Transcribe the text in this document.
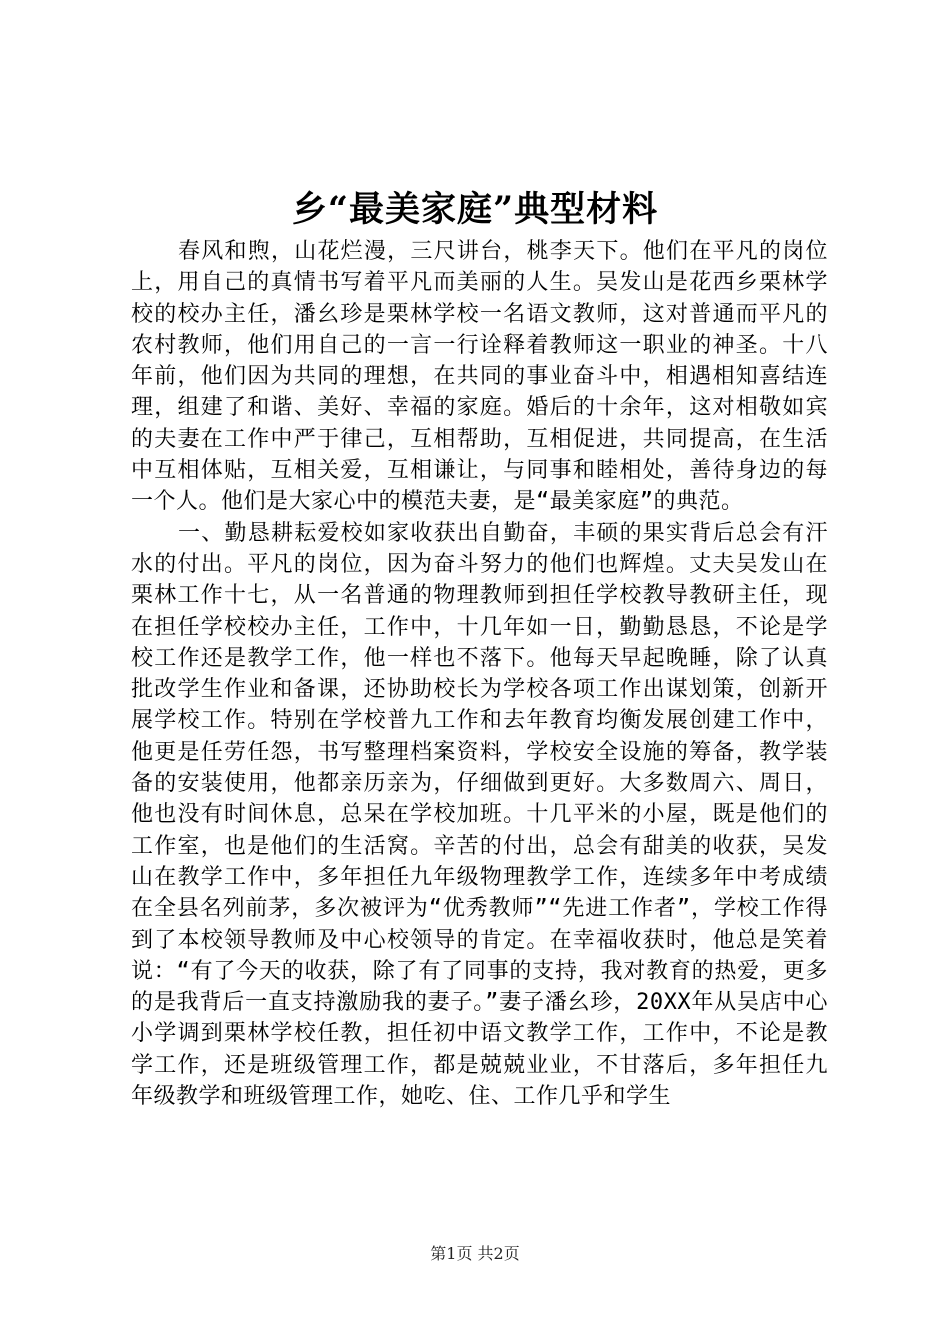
乡“最美家庭”典型材料

春风和煦，山花烂漫，三尺讲台，桃李天下。他们在平凡的岗位上，用自己的真情书写着平凡而美丽的人生。吴发山是花西乡栗林学校的校办主任，潘幺珍是栗林学校一名语文教师，这对普通而平凡的农村教师，他们用自己的一言一行诠释着教师这一职业的神圣。十八年前，他们因为共同的理想，在共同的事业奋斗中，相遇相知喜结连理，组建了和谐、美好、幸福的家庭。婚后的十余年，这对相敬如宾的夫妻在工作中严于律己，互相帮助，互相促进，共同提高，在生活中互相体贴，互相关爱，互相谦让，与同事和睦相处，善待身边的每一个人。他们是大家心中的模范夫妻，是“最美家庭”的典范。

一、勤恳耕耘爱校如家收获出自勤奋，丰硕的果实背后总会有汗水的付出。平凡的岗位，因为奋斗努力的他们也辉煌。丈夫吴发山在栗林工作十七，从一名普通的物理教师到担任学校教导教研主任，现在担任学校校办主任，工作中，十几年如一日，勤勤恳恳，不论是学校工作还是教学工作，他一样也不落下。他每天早起晚睡，除了认真批改学生作业和备课，还协助校长为学校各项工作出谋划策，创新开展学校工作。特别在学校普九工作和去年教育均衡发展创建工作中，他更是任劳任怨，书写整理档案资料，学校安全设施的筹备，教学装备的安装使用，他都亲历亲为，仔细做到更好。大多数周六、周日，他也没有时间休息，总呆在学校加班。十几平米的小屋，既是他们的工作室，也是他们的生活窝。辛苦的付出，总会有甜美的收获，吴发山在教学工作中，多年担任九年级物理教学工作，连续多年中考成绩在全县名列前茅，多次被评为“优秀教师”“先进工作者”，学校工作得到了本校领导教师及中心校领导的肯定。在幸福收获时，他总是笑着说：“有了今天的收获，除了有了同事的支持，我对教育的热爱，更多的是我背后一直支持激励我的妻子。”妻子潘幺珍，20XX年从吴店中心小学调到栗林学校任教，担任初中语文教学工作，工作中，不论是教学工作，还是班级管理工作，都是兢兢业业，不甘落后，多年担任九年级教学和班级管理工作，她吃、住、工作几乎和学生

第1页 共2页
